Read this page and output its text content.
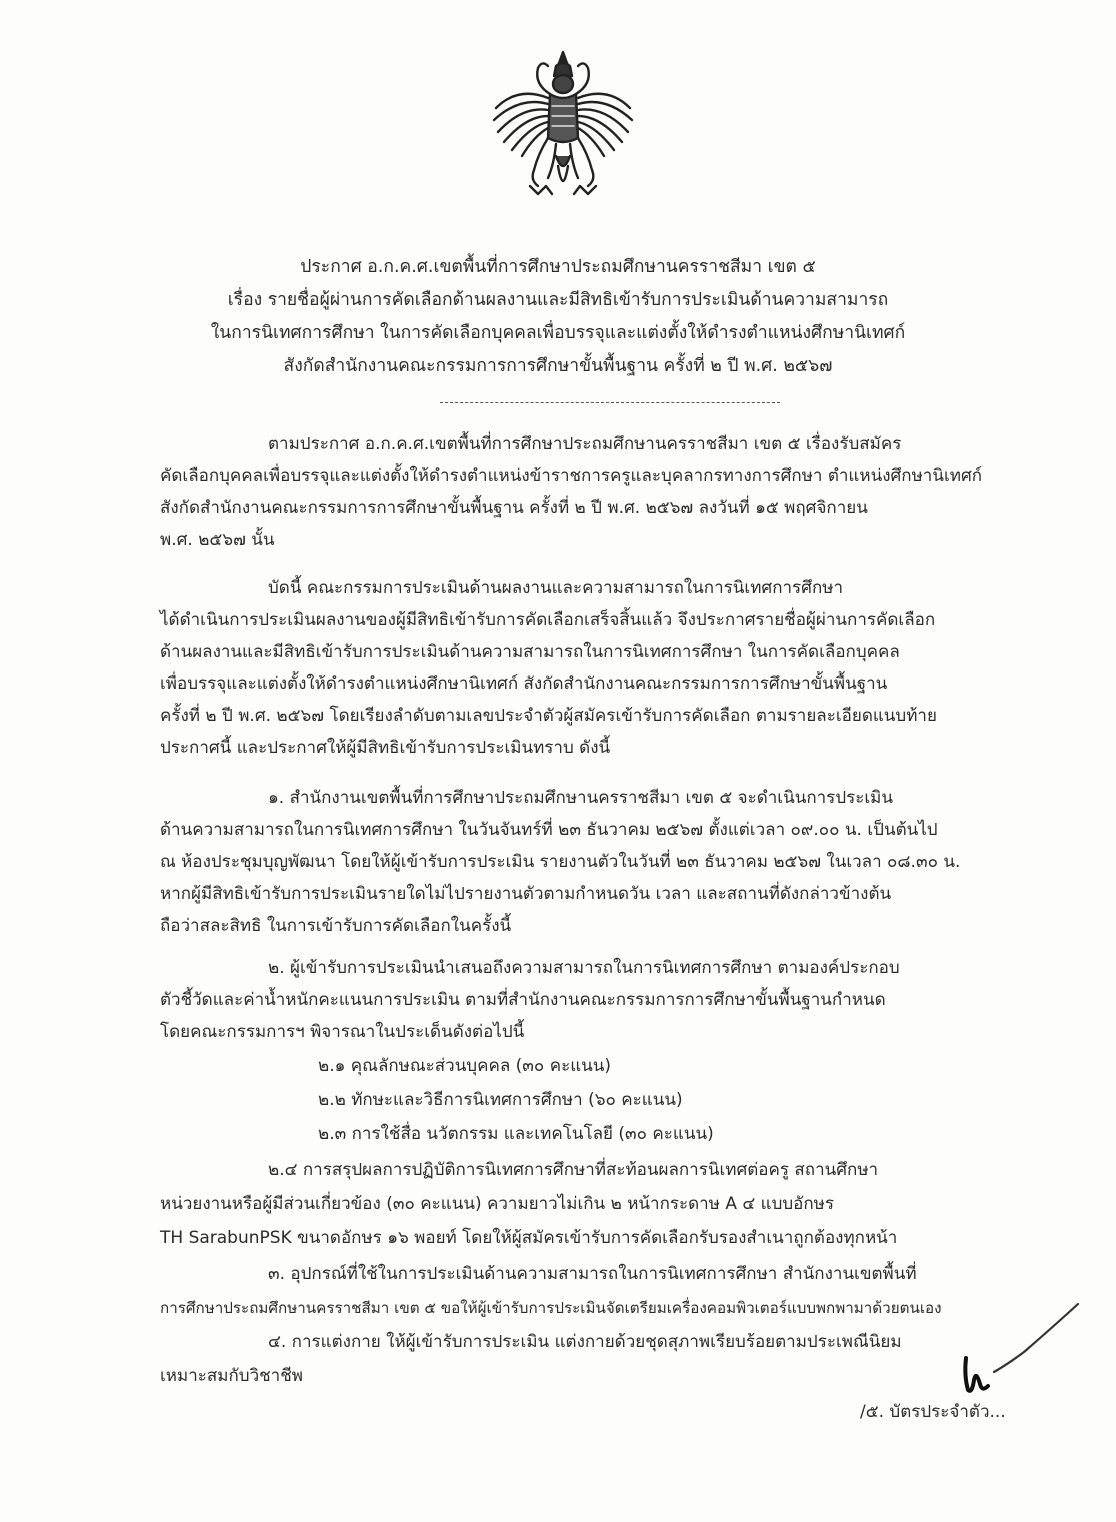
ประกาศ อ.ก.ค.ศ.เขตพื้นที่การศึกษาประถมศึกษานครราชสีมา เขต ๕
เรื่อง รายชื่อผู้ผ่านการคัดเลือกด้านผลงานและมีสิทธิเข้ารับการประเมินด้านความสามารถ
ในการนิเทศการศึกษา ในการคัดเลือกบุคคลเพื่อบรรจุและแต่งตั้งให้ดำรงตำแหน่งศึกษานิเทศก์
สังกัดสำนักงานคณะกรรมการการศึกษาขั้นพื้นฐาน ครั้งที่ ๒ ปี พ.ศ. ๒๕๖๗
ตามประกาศ อ.ก.ค.ศ.เขตพื้นที่การศึกษาประถมศึกษานครราชสีมา เขต ๕ เรื่องรับสมัคร
คัดเลือกบุคคลเพื่อบรรจุและแต่งตั้งให้ดำรงตำแหน่งข้าราชการครูและบุคลากรทางการศึกษา ตำแหน่งศึกษานิเทศก์
สังกัดสำนักงานคณะกรรมการการศึกษาขั้นพื้นฐาน ครั้งที่ ๒ ปี พ.ศ. ๒๕๖๗ ลงวันที่ ๑๕ พฤศจิกายน
พ.ศ. ๒๕๖๗ นั้น
บัดนี้ คณะกรรมการประเมินด้านผลงานและความสามารถในการนิเทศการศึกษา
ได้ดำเนินการประเมินผลงานของผู้มีสิทธิเข้ารับการคัดเลือกเสร็จสิ้นแล้ว จึงประกาศรายชื่อผู้ผ่านการคัดเลือก
ด้านผลงานและมีสิทธิเข้ารับการประเมินด้านความสามารถในการนิเทศการศึกษา ในการคัดเลือกบุคคล
เพื่อบรรจุและแต่งตั้งให้ดำรงตำแหน่งศึกษานิเทศก์ สังกัดสำนักงานคณะกรรมการการศึกษาขั้นพื้นฐาน
ครั้งที่ ๒ ปี พ.ศ. ๒๕๖๗ โดยเรียงลำดับตามเลขประจำตัวผู้สมัครเข้ารับการคัดเลือก ตามรายละเอียดแนบท้าย
ประกาศนี้ และประกาศให้ผู้มีสิทธิเข้ารับการประเมินทราบ ดังนี้
๑. สำนักงานเขตพื้นที่การศึกษาประถมศึกษานครราชสีมา เขต ๕ จะดำเนินการประเมิน
ด้านความสามารถในการนิเทศการศึกษา ในวันจันทร์ที่ ๒๓ ธันวาคม ๒๕๖๗ ตั้งแต่เวลา ๐๙.๐๐ น. เป็นต้นไป
ณ ห้องประชุมบุญพัฒนา โดยให้ผู้เข้ารับการประเมิน รายงานตัวในวันที่ ๒๓ ธันวาคม ๒๕๖๗ ในเวลา ๐๘.๓๐ น.
หากผู้มีสิทธิเข้ารับการประเมินรายใดไม่ไปรายงานตัวตามกำหนดวัน เวลา และสถานที่ดังกล่าวข้างต้น
ถือว่าสละสิทธิ ในการเข้ารับการคัดเลือกในครั้งนี้
๒. ผู้เข้ารับการประเมินนำเสนอถึงความสามารถในการนิเทศการศึกษา ตามองค์ประกอบ
ตัวชี้วัดและค่าน้ำหนักคะแนนการประเมิน ตามที่สำนักงานคณะกรรมการการศึกษาขั้นพื้นฐานกำหนด
โดยคณะกรรมการฯ พิจารณาในประเด็นดังต่อไปนี้
๒.๑ คุณลักษณะส่วนบุคคล (๓๐ คะแนน)
๒.๒ ทักษะและวิธีการนิเทศการศึกษา (๖๐ คะแนน)
๒.๓ การใช้สื่อ นวัตกรรม และเทคโนโลยี (๓๐ คะแนน)
๒.๔ การสรุปผลการปฏิบัติการนิเทศการศึกษาที่สะท้อนผลการนิเทศต่อครู สถานศึกษา
หน่วยงานหรือผู้มีส่วนเกี่ยวข้อง (๓๐ คะแนน) ความยาวไม่เกิน ๒ หน้ากระดาษ A ๔ แบบอักษร
TH SarabunPSK ขนาดอักษร ๑๖ พอยท์ โดยให้ผู้สมัครเข้ารับการคัดเลือกรับรองสำเนาถูกต้องทุกหน้า
๓. อุปกรณ์ที่ใช้ในการประเมินด้านความสามารถในการนิเทศการศึกษา สำนักงานเขตพื้นที่
การศึกษาประถมศึกษานครราชสีมา เขต ๕ ขอให้ผู้เข้ารับการประเมินจัดเตรียมเครื่องคอมพิวเตอร์แบบพกพามาด้วยตนเอง
๔. การแต่งกาย ให้ผู้เข้ารับการประเมิน แต่งกายด้วยชุดสุภาพเรียบร้อยตามประเพณีนิยม
เหมาะสมกับวิชาชีพ
/๕. บัตรประจำตัว...
